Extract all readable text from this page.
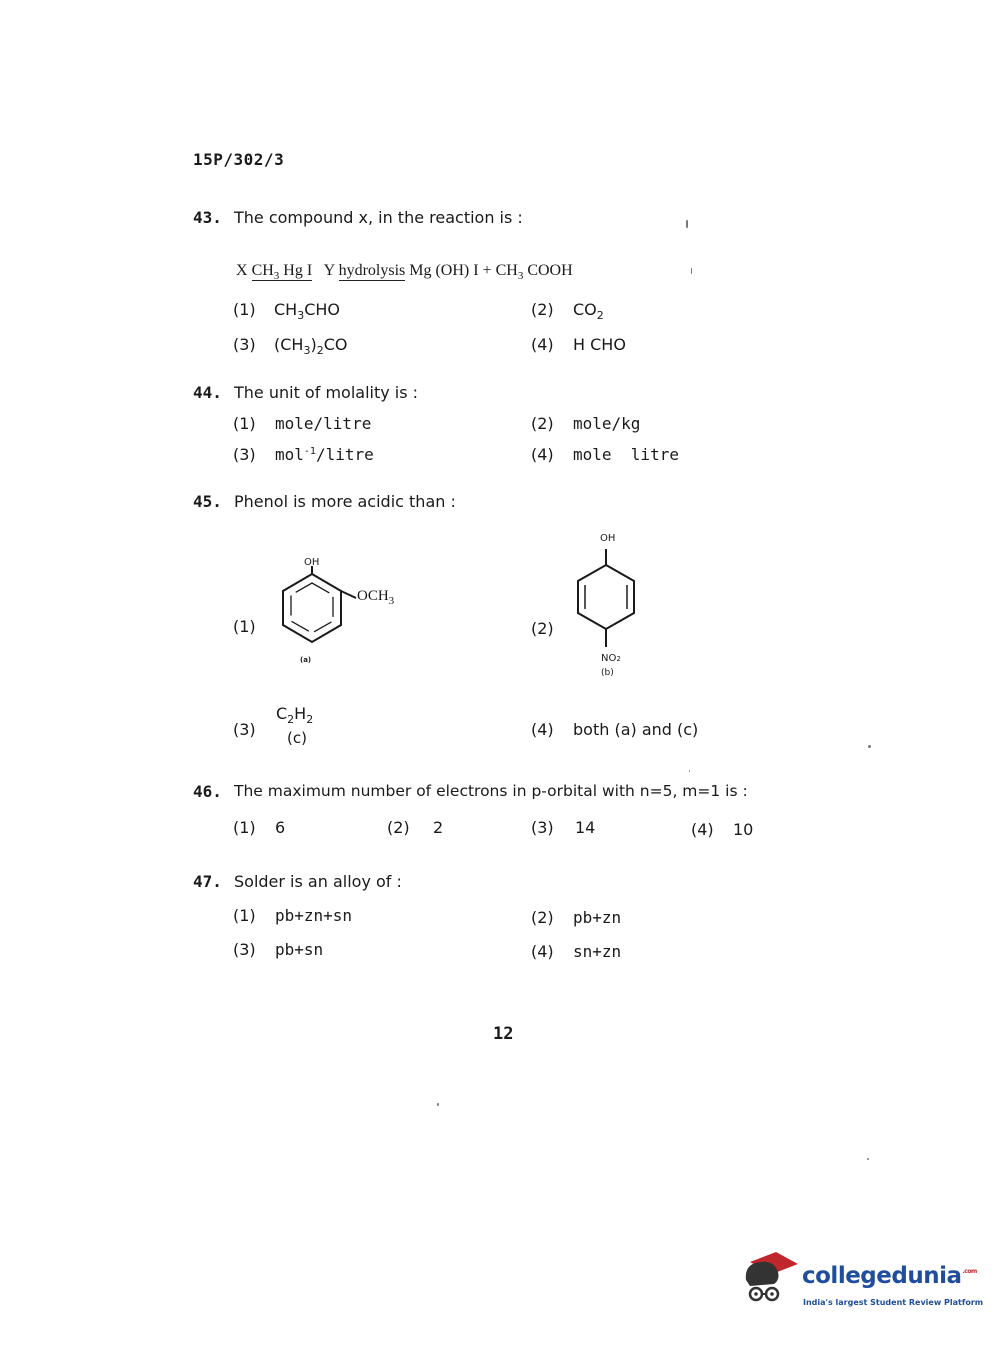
15P/302/3
43. The compound x, in the reaction is :
X $CH_3$ Hg I Y hydrolysis Mg (OH) $I + CH_3$ COOH
(1) $CH_3CHO$	(2) $CO_2$
(3) $(CH_3)_2CO$	(4) H CHO
44. The unit of molality is :
(1) mole/litre	(2) mole/kg
(3) mol$^{-1}$/litre	(4) mole  litre
45. Phenol is more acidic than :
(1)
OH
$OCH_3$
(a)
(2)
OH
NO2
(b)
(3)
$C_2H_2$
(c)	(4) both (a) and (c)
46. The maximum number of electrons in p-orbital with n=5, m=1 is :
(1) 6	(2) 2	(3) 14	(4) 10
47. Solder is an alloy of :
(1) pb+zn+sn	(2) pb+zn
(3) pb+sn	(4) sn+zn
12
collegedunia$^{.com}$
India's largest Student Review Platform
